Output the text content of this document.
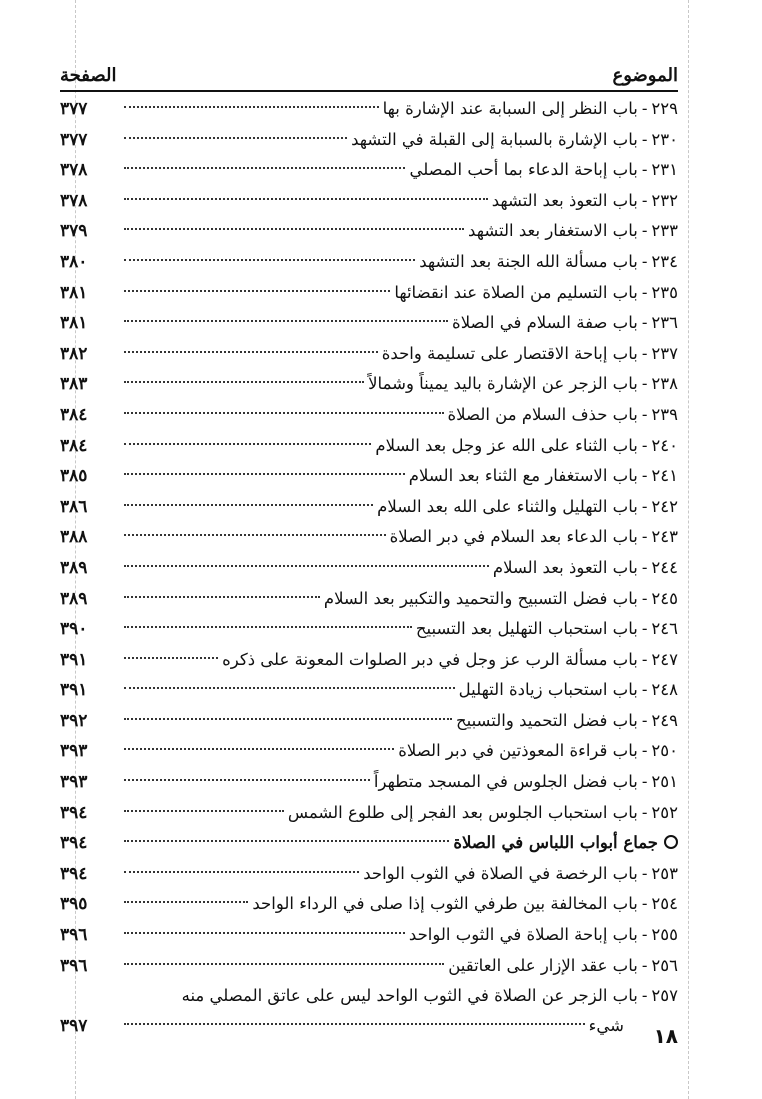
الموضوع
الصفحة
٢٢٩
-
باب النظر إلى السبابة عند الإشارة بها
٣٧٧
٢٣٠
-
باب الإشارة بالسبابة إلى القبلة في التشهد
٣٧٧
٢٣١
-
باب إباحة الدعاء بما أحب المصلي
٣٧٨
٢٣٢
-
باب التعوذ بعد التشهد
٣٧٨
٢٣٣
-
باب الاستغفار بعد التشهد
٣٧٩
٢٣٤
-
باب مسألة الله الجنة بعد التشهد
٣٨٠
٢٣٥
-
باب التسليم من الصلاة عند انقضائها
٣٨١
٢٣٦
-
باب صفة السلام في الصلاة
٣٨١
٢٣٧
-
باب إباحة الاقتصار على تسليمة واحدة
٣٨٢
٢٣٨
-
باب الزجر عن الإشارة باليد يميناً وشمالاً
٣٨٣
٢٣٩
-
باب حذف السلام من الصلاة
٣٨٤
٢٤٠
-
باب الثناء على الله عز وجل بعد السلام
٣٨٤
٢٤١
-
باب الاستغفار مع الثناء بعد السلام
٣٨٥
٢٤٢
-
باب التهليل والثناء على الله بعد السلام
٣٨٦
٢٤٣
-
باب الدعاء بعد السلام في دبر الصلاة
٣٨٨
٢٤٤
-
باب التعوذ بعد السلام
٣٨٩
٢٤٥
-
باب فضل التسبيح والتحميد والتكبير بعد السلام
٣٨٩
٢٤٦
-
باب استحباب التهليل بعد التسبيح
٣٩٠
٢٤٧
-
باب مسألة الرب عز وجل في دبر الصلوات المعونة على ذكره
٣٩١
٢٤٨
-
باب استحباب زيادة التهليل
٣٩١
٢٤٩
-
باب فضل التحميد والتسبيح
٣٩٢
٢٥٠
-
باب قراءة المعوذتين في دبر الصلاة
٣٩٣
٢٥١
-
باب فضل الجلوس في المسجد متطهراً
٣٩٣
٢٥٢
-
باب استحباب الجلوس بعد الفجر إلى طلوع الشمس
٣٩٤
جماع أبواب اللباس في الصلاة
٣٩٤
٢٥٣
-
باب الرخصة في الصلاة في الثوب الواحد
٣٩٤
٢٥٤
-
باب المخالفة بين طرفي الثوب إذا صلى في الرداء الواحد
٣٩٥
٢٥٥
-
باب إباحة الصلاة في الثوب الواحد
٣٩٦
٢٥٦
-
باب عقد الإزار على العاتقين
٣٩٦
٢٥٧
-
باب الزجر عن الصلاة في الثوب الواحد ليس على عاتق المصلي منه
شيء
٣٩٧	١٨
